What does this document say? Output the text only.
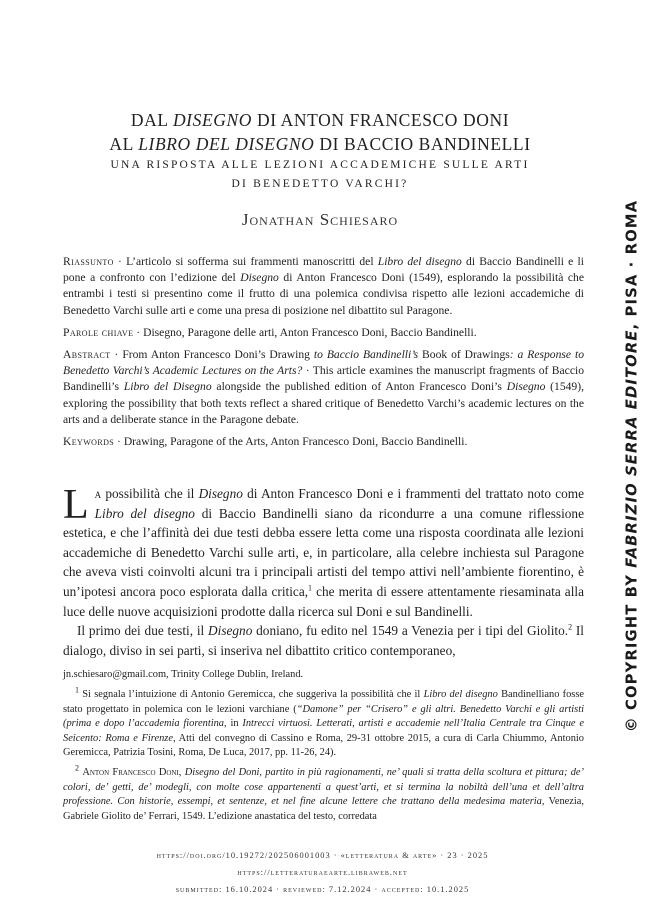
DAL DISEGNO DI ANTON FRANCESCO DONI
AL LIBRO DEL DISEGNO DI BACCIO BANDINELLI
UNA RISPOSTA ALLE LEZIONI ACCADEMICHE SULLE ARTI
DI BENEDETTO VARCHI?
Jonathan Schiesaro

Riassunto · L’articolo si sofferma sui frammenti manoscritti del Libro del disegno di Baccio Bandinelli e li pone a confronto con l’edizione del Disegno di Anton Francesco Doni (1549), esplorando la possibilità che entrambi i testi si presentino come il frutto di una polemica condivisa rispetto alle lezioni accademiche di Benedetto Varchi sulle arti e come una presa di posizione nel dibattito sul Paragone.

Parole chiave · Disegno, Paragone delle arti, Anton Francesco Doni, Baccio Bandinelli.

Abstract · From Anton Francesco Doni’s Drawing to Baccio Bandinelli’s Book of Drawings: a Response to Benedetto Varchi’s Academic Lectures on the Arts? · This article examines the manuscript fragments of Baccio Bandinelli’s Libro del Disegno alongside the published edition of Anton Francesco Doni’s Disegno (1549), exploring the possibility that both texts reflect a shared critique of Benedetto Varchi’s academic lectures on the arts and a deliberate stance in the Paragone debate.

Keywords · Drawing, Paragone of the Arts, Anton Francesco Doni, Baccio Bandinelli.

La possibilità che il Disegno di Anton Francesco Doni e i frammenti del trattato noto come Libro del disegno di Baccio Bandinelli siano da ricondurre a una comune riflessione estetica, e che l’affinità dei due testi debba essere letta come una risposta coordinata alle lezioni accademiche di Benedetto Varchi sulle arti, e, in particolare, alla celebre inchiesta sul Paragone che aveva visti coinvolti alcuni tra i principali artisti del tempo attivi nell’ambiente fiorentino, è un’ipotesi ancora poco esplorata dalla critica,$^1$ che merita di essere attentamente riesaminata alla luce delle nuove acquisizioni prodotte dalla ricerca sul Doni e sul Bandinelli.

Il primo dei due testi, il Disegno doniano, fu edito nel 1549 a Venezia per i tipi del Giolito.$^2$ Il dialogo, diviso in sei parti, si inseriva nel dibattito critico contemporaneo,

jn.schiesaro@gmail.com, Trinity College Dublin, Ireland.

$^1$ Si segnala l’intuizione di Antonio Geremicca, che suggeriva la possibilità che il Libro del disegno Bandinelliano fosse stato progettato in polemica con le lezioni varchiane (“Damone” per “Crisero” e gli altri. Benedetto Varchi e gli artisti (prima e dopo l’accademia fiorentina, in Intrecci virtuosi. Letterati, artisti e accademie nell’Italia Centrale tra Cinque e Seicento: Roma e Firenze, Atti del convegno di Cassino e Roma, 29-31 ottobre 2015, a cura di Carla Chiummo, Antonio Geremicca, Patrizia Tosini, Roma, De Luca, 2017, pp. 11-26, 24).

$^2$ Anton Francesco Doni, Disegno del Doni, partito in più ragionamenti, ne’ quali si tratta della scoltura et pittura; de’ colori, de’ getti, de’ modegli, con molte cose appartenenti a quest’arti, et si termina la nobiltà dell’una et dell’altra professione. Con historie, essempi, et sentenze, et nel fine alcune lettere che trattano della medesima materia, Venezia, Gabriele Giolito de’ Ferrari, 1549. L’edizione anastatica del testo, corredata

https://doi.org/10.19272/202506001003 · «letteratura & arte» · 23 · 2025
https://letteraturaearte.libraweb.net
submitted: 16.10.2024 · reviewed: 7.12.2024 · accepted: 10.1.2025
© COPYRIGHT BY FABRIZIO SERRA EDITORE, PISA · ROMA
